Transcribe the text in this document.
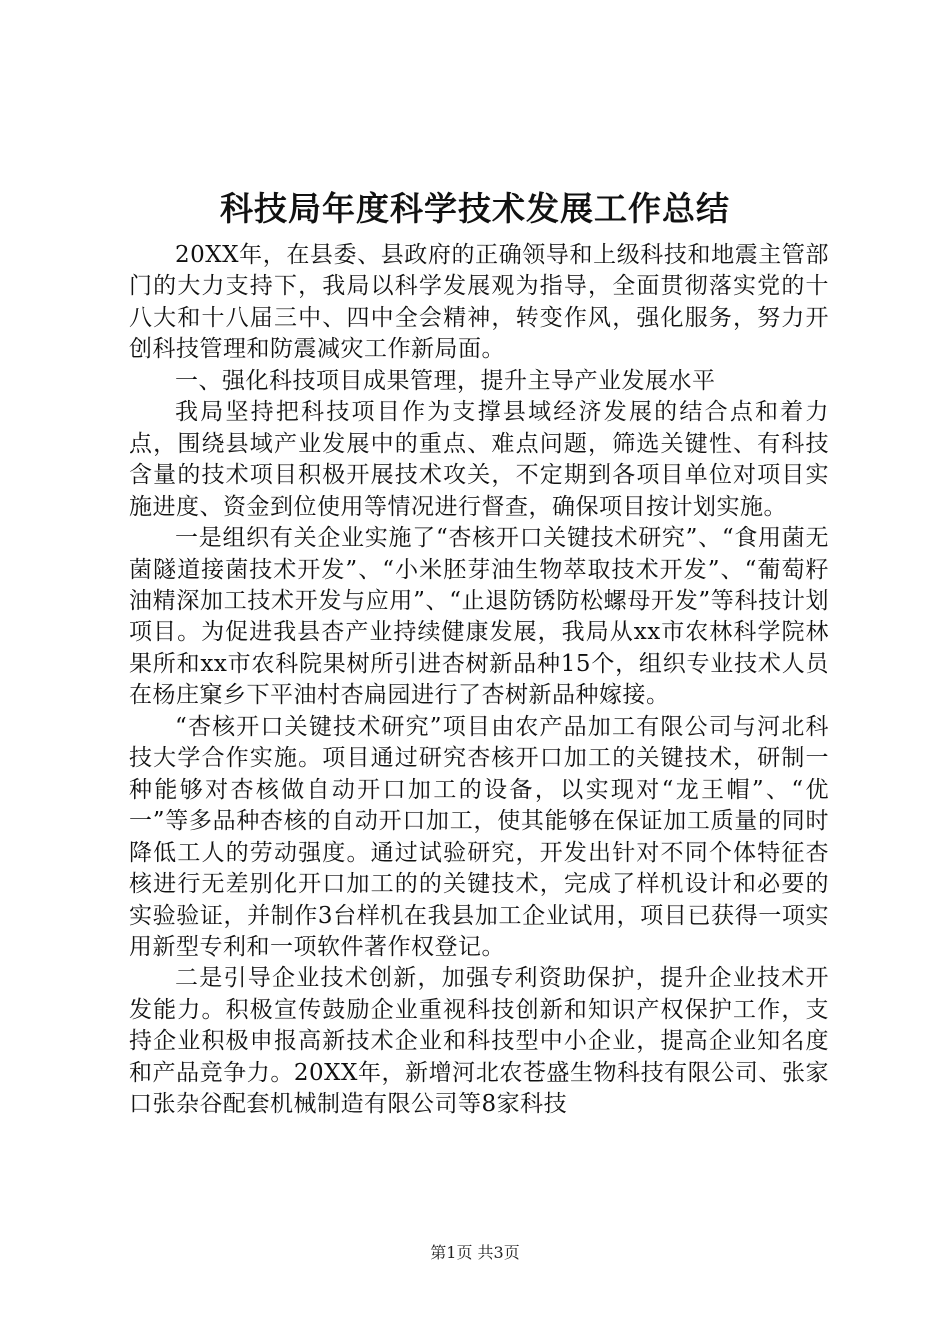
科技局年度科学技术发展工作总结

20XX年，在县委、县政府的正确领导和上级科技和地震主管部门的大力支持下，我局以科学发展观为指导，全面贯彻落实党的十八大和十八届三中、四中全会精神，转变作风，强化服务，努力开创科技管理和防震减灾工作新局面。

一、强化科技项目成果管理，提升主导产业发展水平

我局坚持把科技项目作为支撑县域经济发展的结合点和着力点，围绕县域产业发展中的重点、难点问题，筛选关键性、有科技含量的技术项目积极开展技术攻关，不定期到各项目单位对项目实施进度、资金到位使用等情况进行督查，确保项目按计划实施。

一是组织有关企业实施了“杏核开口关键技术研究”、“食用菌无菌隧道接菌技术开发”、“小米胚芽油生物萃取技术开发”、“葡萄籽油精深加工技术开发与应用”、“止退防锈防松螺母开发”等科技计划项目。为促进我县杏产业持续健康发展，我局从xx市农林科学院林果所和xx市农科院果树所引进杏树新品种15个，组织专业技术人员在杨庄窠乡下平油村杏扁园进行了杏树新品种嫁接。

“杏核开口关键技术研究”项目由农产品加工有限公司与河北科技大学合作实施。项目通过研究杏核开口加工的关键技术，研制一种能够对杏核做自动开口加工的设备，以实现对“龙王帽”、“优一”等多品种杏核的自动开口加工，使其能够在保证加工质量的同时降低工人的劳动强度。通过试验研究，开发出针对不同个体特征杏核进行无差别化开口加工的的关键技术，完成了样机设计和必要的实验验证，并制作3台样机在我县加工企业试用，项目已获得一项实用新型专利和一项软件著作权登记。

二是引导企业技术创新，加强专利资助保护，提升企业技术开发能力。积极宣传鼓励企业重视科技创新和知识产权保护工作，支持企业积极申报高新技术企业和科技型中小企业，提高企业知名度和产品竞争力。20XX年，新增河北农苍盛生物科技有限公司、张家口张杂谷配套机械制造有限公司等8家科技

第1页 共3页
